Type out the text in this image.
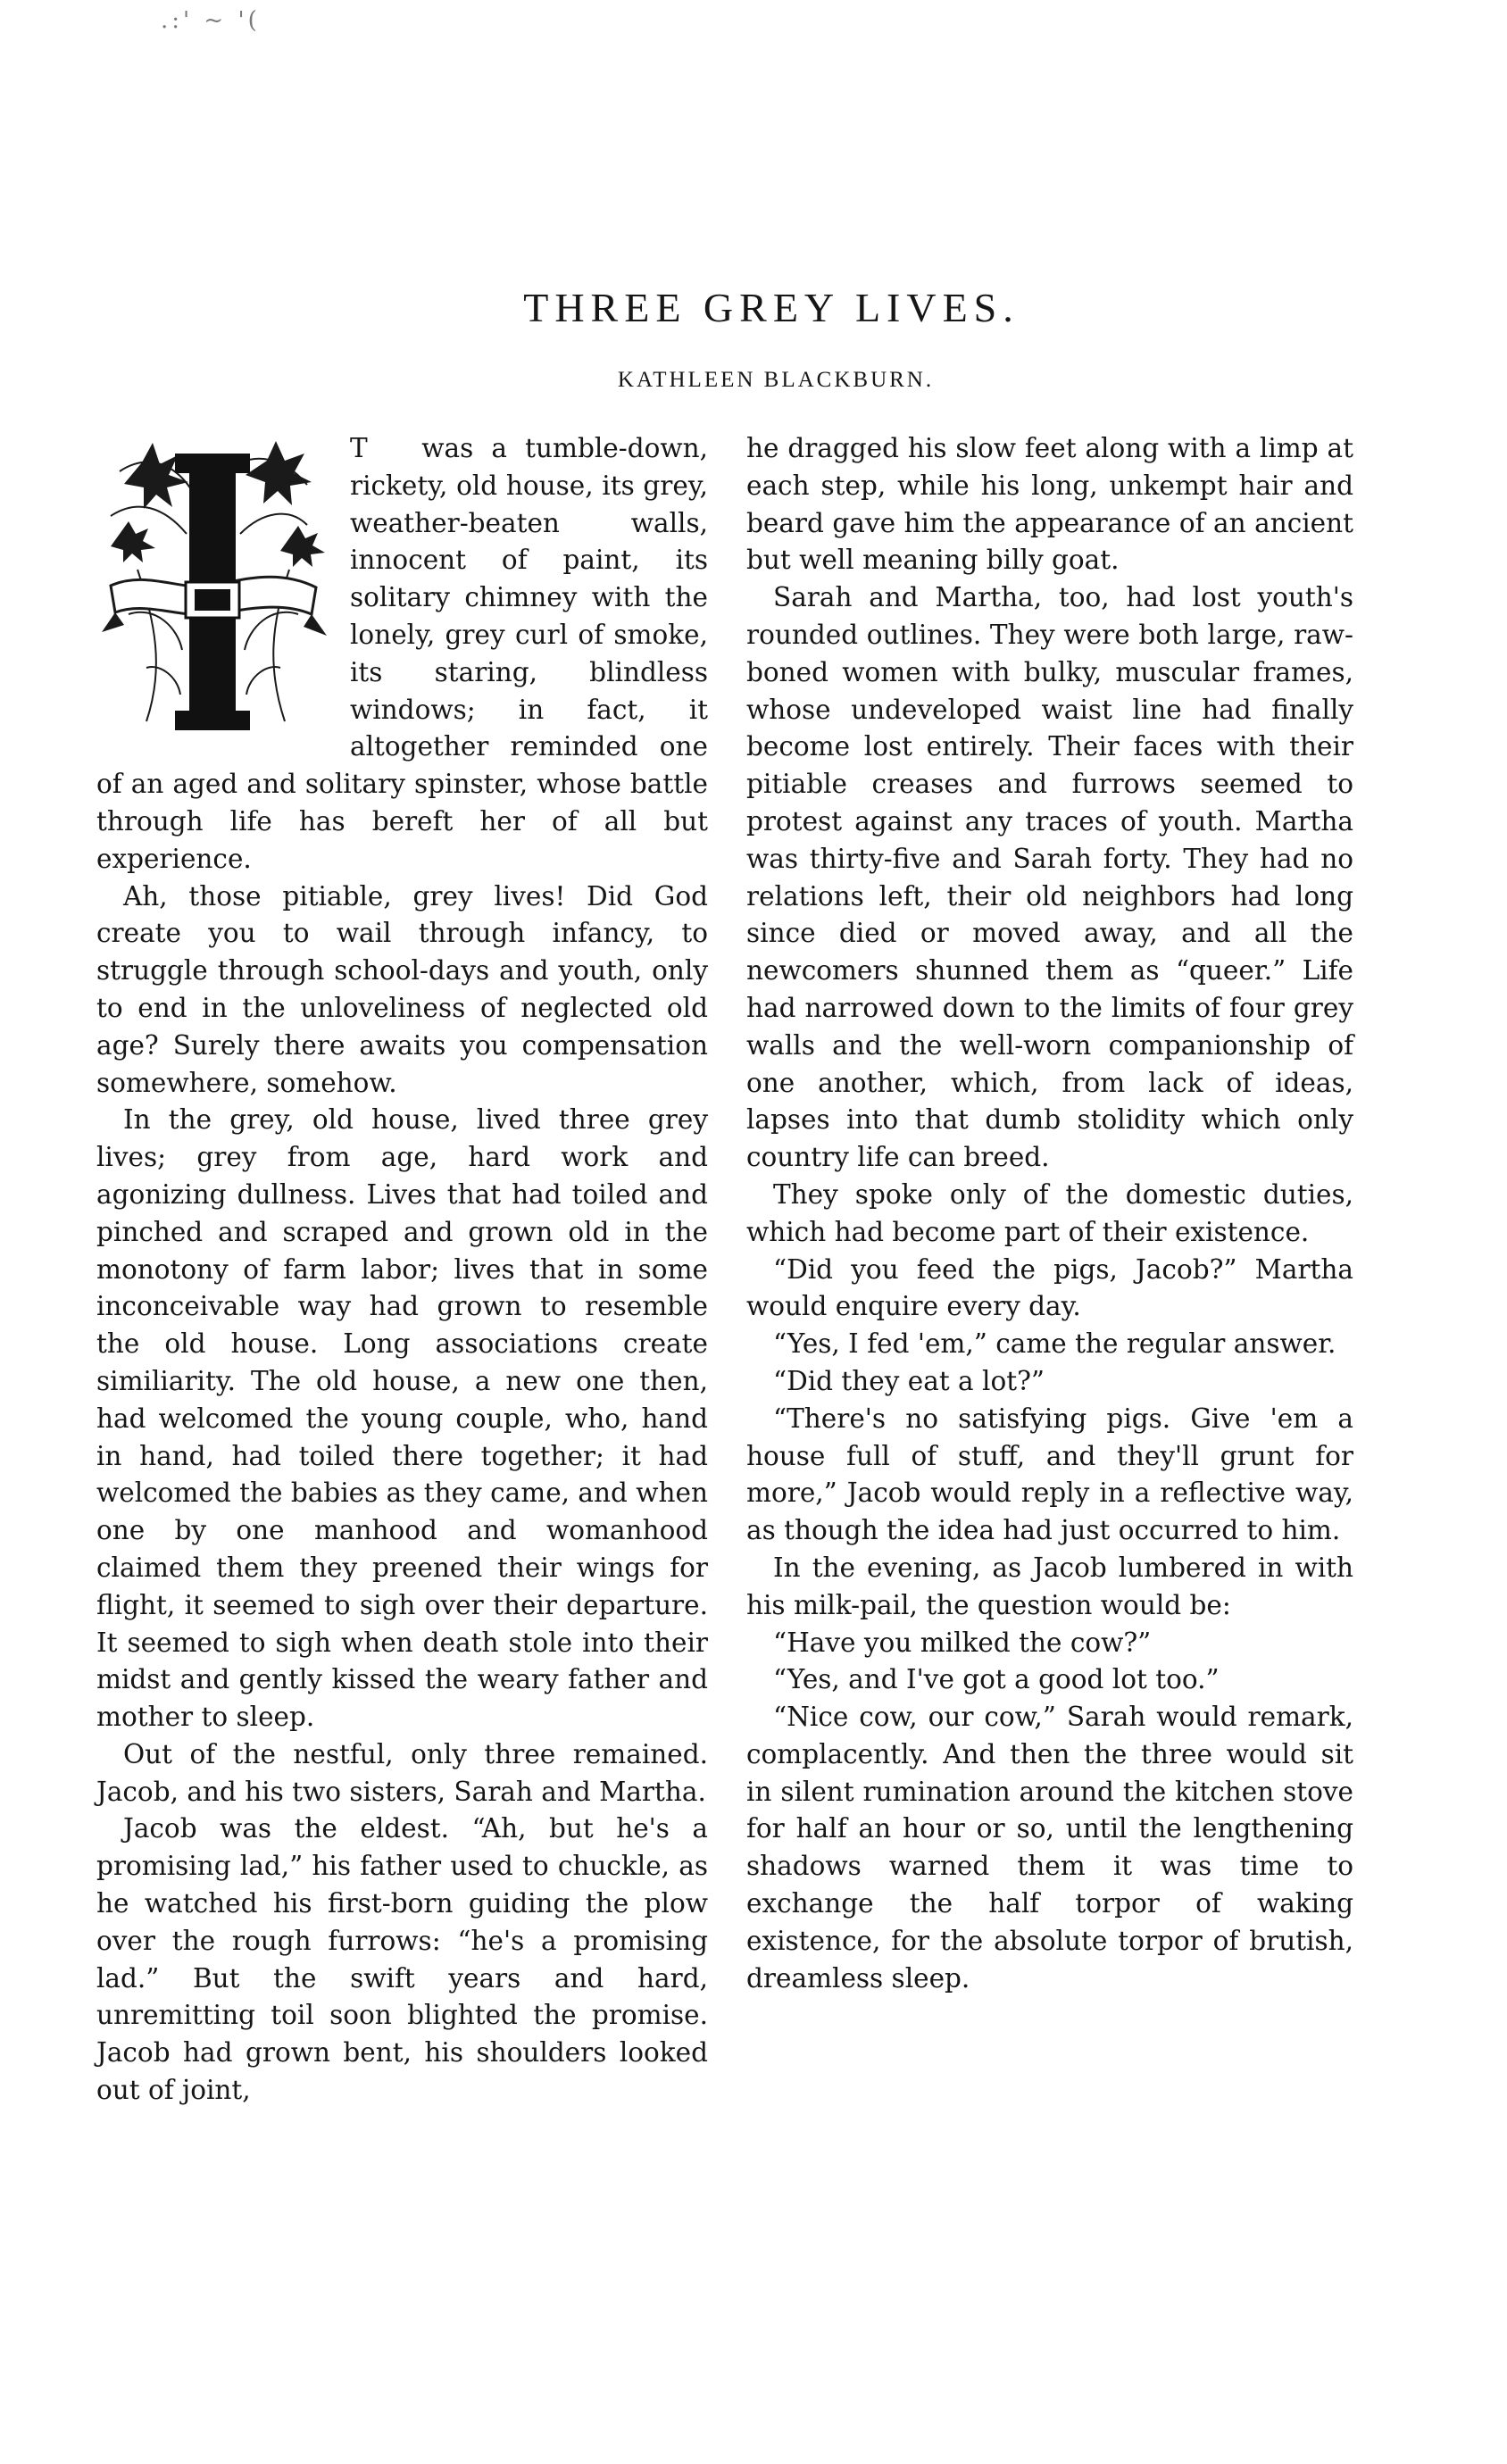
.:' ~ '(
THREE GREY LIVES.
KATHLEEN BLACKBURN.

T was a tumble-down, rickety, old house, its grey, weather-beaten walls, innocent of paint, its solitary chimney with the lonely, grey curl of smoke, its staring, blindless windows; in fact, it altogether reminded one of an aged and solitary spinster, whose battle through life has bereft her of all but experience.

Ah, those pitiable, grey lives! Did God create you to wail through infancy, to struggle through school-days and youth, only to end in the unloveliness of neglected old age? Surely there awaits you compensation somewhere, somehow.

In the grey, old house, lived three grey lives; grey from age, hard work and agonizing dullness. Lives that had toiled and pinched and scraped and grown old in the monotony of farm labor; lives that in some inconceivable way had grown to resemble the old house. Long associations create similiarity. The old house, a new one then, had welcomed the young couple, who, hand in hand, had toiled there together; it had welcomed the babies as they came, and when one by one manhood and womanhood claimed them they preened their wings for flight, it seemed to sigh over their departure. It seemed to sigh when death stole into their midst and gently kissed the weary father and mother to sleep.

Out of the nestful, only three remained. Jacob, and his two sisters, Sarah and Martha.

Jacob was the eldest. “Ah, but he's a promising lad,” his father used to chuckle, as he watched his first-born guiding the plow over the rough furrows: “he's a promising lad.” But the swift years and hard, unremitting toil soon blighted the promise. Jacob had grown bent, his shoulders looked out of joint,

he dragged his slow feet along with a limp at each step, while his long, unkempt hair and beard gave him the appearance of an ancient but well meaning billy goat.

Sarah and Martha, too, had lost youth's rounded outlines. They were both large, raw-boned women with bulky, muscular frames, whose undeveloped waist line had finally become lost entirely. Their faces with their pitiable creases and furrows seemed to protest against any traces of youth. Martha was thirty-five and Sarah forty. They had no relations left, their old neighbors had long since died or moved away, and all the newcomers shunned them as “queer.” Life had narrowed down to the limits of four grey walls and the well-worn companionship of one another, which, from lack of ideas, lapses into that dumb stolidity which only country life can breed.

They spoke only of the domestic duties, which had become part of their existence.

“Did you feed the pigs, Jacob?” Martha would enquire every day.

“Yes, I fed 'em,” came the regular answer.

“Did they eat a lot?”

“There's no satisfying pigs. Give 'em a house full of stuff, and they'll grunt for more,” Jacob would reply in a reflective way, as though the idea had just occurred to him.

In the evening, as Jacob lumbered in with his milk-pail, the question would be:

“Have you milked the cow?”

“Yes, and I've got a good lot too.”

“Nice cow, our cow,” Sarah would remark, complacently. And then the three would sit in silent rumination around the kitchen stove for half an hour or so, until the lengthening shadows warned them it was time to exchange the half torpor of waking existence, for the absolute torpor of brutish, dreamless sleep.
